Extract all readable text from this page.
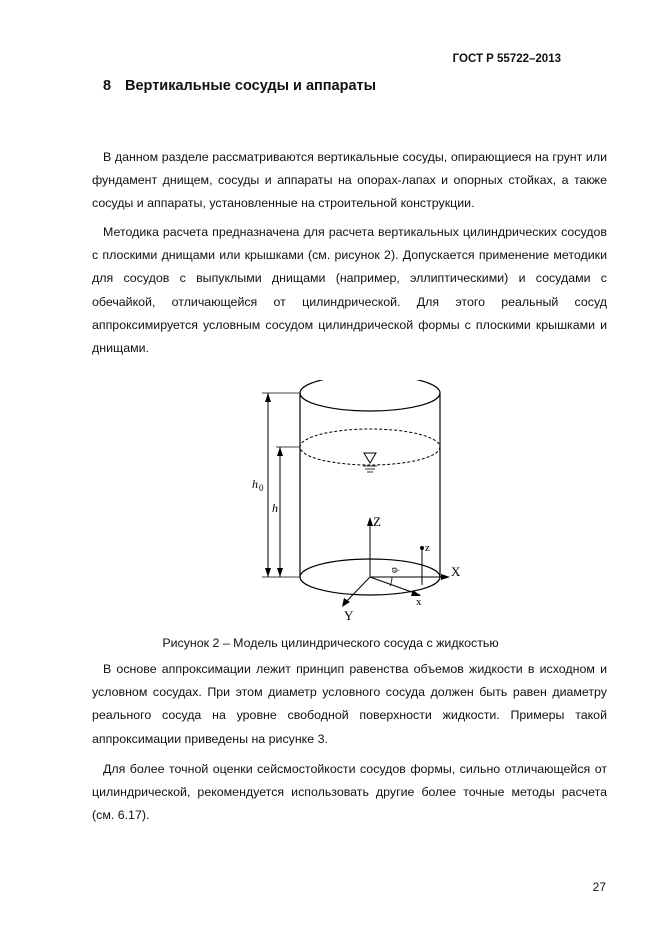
ГОСТ Р 55722–2013
8 Вертикальные сосуды и аппараты

В данном разделе рассматриваются вертикальные сосуды, опирающиеся на грунт или фундамент днищем, сосуды и аппараты на опорах-лапах и опорных стойках, а также сосуды и аппараты, установленные на строительной конструкции.

Методика расчета предназначена для расчета вертикальных цилиндрических сосудов с плоскими днищами или крышками (см. рисунок 2). Допускается применение методики для сосудов с выпуклыми днищами (например, эллиптическими) и сосудами с обечайкой, отличающейся от цилиндрической. Для этого реальный сосуд аппроксимируется условным сосудом цилиндрической формы с плоскими крышками и днищами.

h 0
h
Z
X
Y
z
x
φ

Рисунок 2 – Модель цилиндрического сосуда с жидкостью

В основе аппроксимации лежит принцип равенства объемов жидкости в исходном и условном сосудах. При этом диаметр условного сосуда должен быть равен диаметру реального сосуда на уровне свободной поверхности жидкости. Примеры такой аппроксимации приведены на рисунке 3.

Для более точной оценки сейсмостойкости сосудов формы, сильно отличающейся от цилиндрической, рекомендуется использовать другие более точные методы расчета (см. 6.17).

27
